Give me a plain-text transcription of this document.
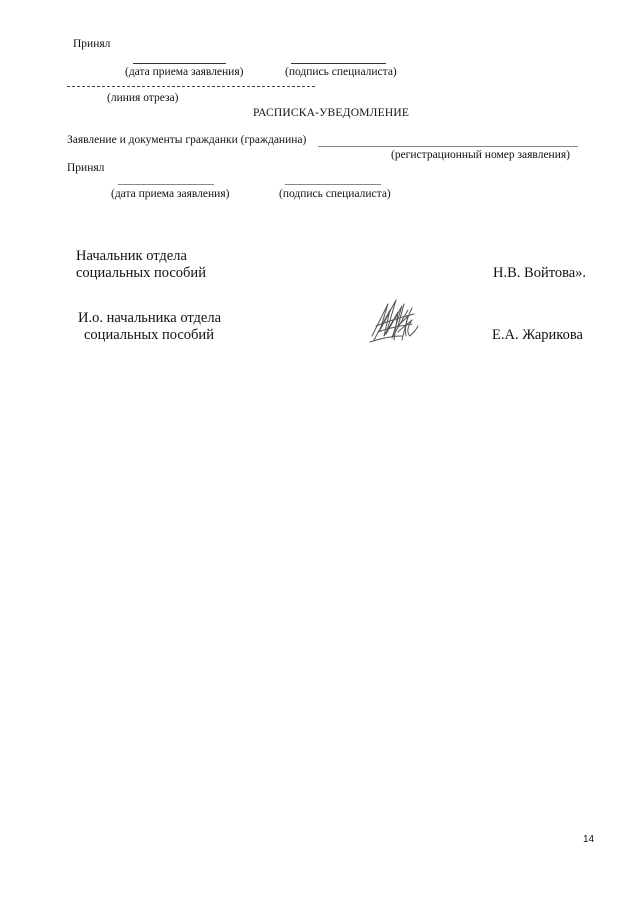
Принял
(дата приема заявления)	(подпись специалиста)
(линия отреза)
РАСПИСКА-УВЕДОМЛЕНИЕ
Заявление и документы гражданки (гражданина)
(регистрационный номер заявления)
Принял
(дата приема заявления)	(подпись специалиста)
Начальник отдела
социальных пособий	Н.В. Войтова».
И.о. начальника отдела
социальных пособий	Е.А. Жарикова
14
